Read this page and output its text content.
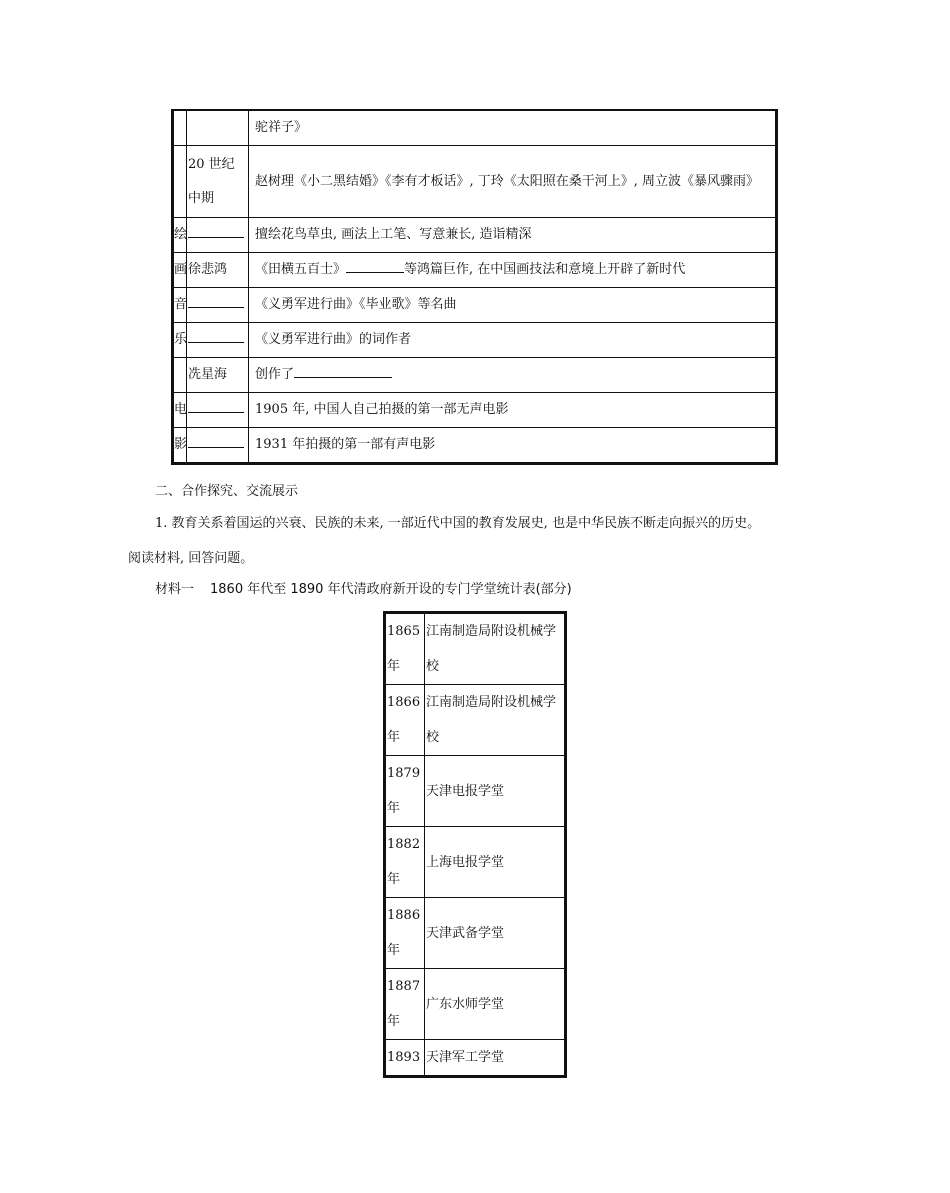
		驼祥子》
	20 世纪中期	赵树理《小二黑结婚》《李有才板话》, 丁玲《太阳照在桑干河上》, 周立波《暴风骤雨》
绘		擅绘花鸟草虫, 画法上工笔、写意兼长, 造诣精深
画	徐悲鸿	《田横五百士》 等鸿篇巨作, 在中国画技法和意境上开辟了新时代
音		《义勇军进行曲》《毕业歌》等名曲
乐		《义勇军进行曲》的词作者
	冼星海	创作了
电		1905 年, 中国人自己拍摄的第一部无声电影
影		1931 年拍摄的第一部有声电影
二、合作探究、交流展示
1. 教育关系着国运的兴衰、民族的未来, 一部近代中国的教育发展史, 也是中华民族不断走向振兴的历史。
阅读材料, 回答问题。
材料一 1860 年代至 1890 年代清政府新开设的专门学堂统计表(部分)
1865 年	江南制造局附设机械学校
1866 年	江南制造局附设机械学校
1879 年	天津电报学堂
1882 年	上海电报学堂
1886 年	天津武备学堂
1887 年	广东水师学堂
1893	天津军工学堂
